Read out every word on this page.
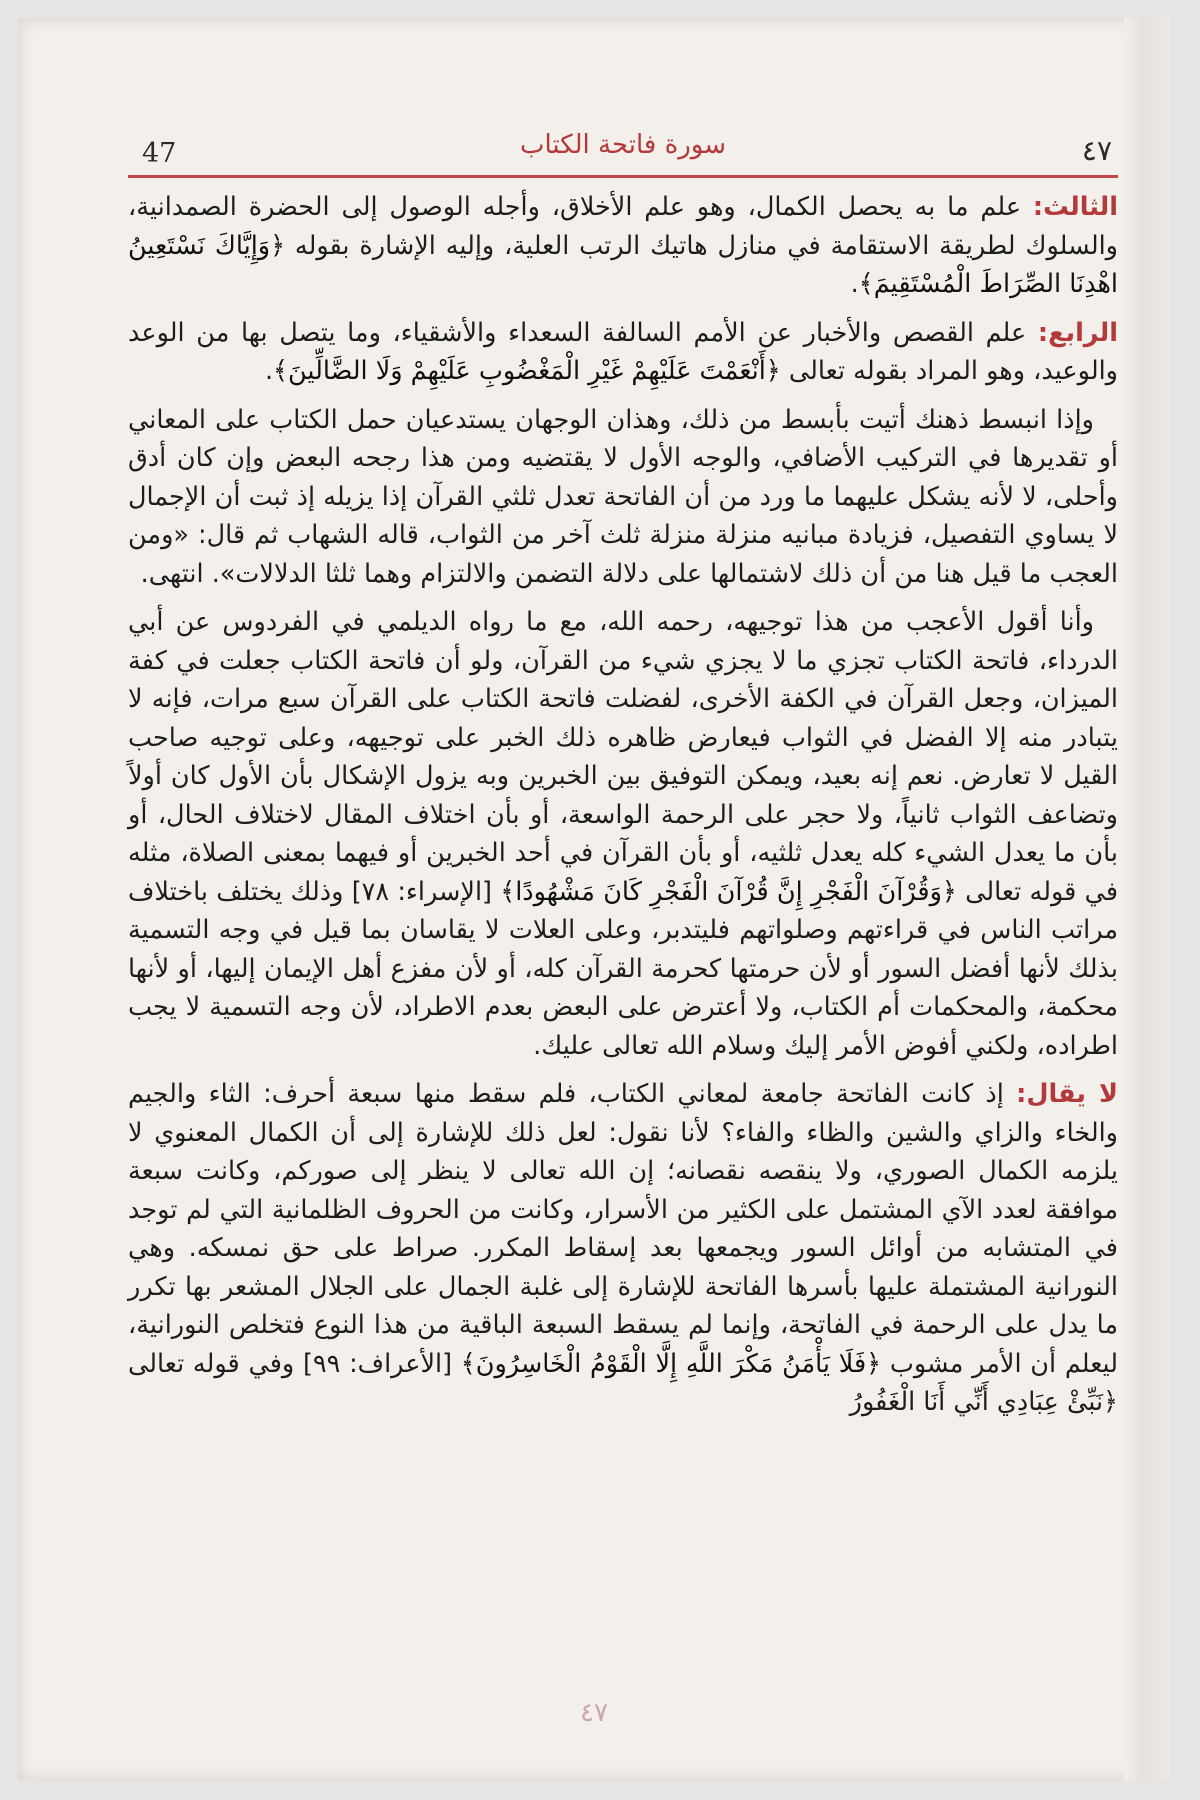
47	سورة فاتحة الكتاب	٤٧

الثالث: علم ما به يحصل الكمال، وهو علم الأخلاق، وأجله الوصول إلى الحضرة الصمدانية، والسلوك لطريقة الاستقامة في منازل هاتيك الرتب العلية، وإليه الإشارة بقوله ﴿وَإِيَّاكَ نَسْتَعِينُ اهْدِنَا الصِّرَاطَ الْمُسْتَقِيمَ﴾.

الرابع: علم القصص والأخبار عن الأمم السالفة السعداء والأشقياء، وما يتصل بها من الوعد والوعيد، وهو المراد بقوله تعالى ﴿أَنْعَمْتَ عَلَيْهِمْ غَيْرِ الْمَغْضُوبِ عَلَيْهِمْ وَلَا الضَّالِّينَ﴾.

وإذا انبسط ذهنك أتيت بأبسط من ذلك، وهذان الوجهان يستدعيان حمل الكتاب على المعاني أو تقديرها في التركيب الأضافي، والوجه الأول لا يقتضيه ومن هذا رجحه البعض وإن كان أدق وأحلى، لا لأنه يشكل عليهما ما ورد من أن الفاتحة تعدل ثلثي القرآن إذا يزيله إذ ثبت أن الإجمال لا يساوي التفصيل، فزيادة مبانيه منزلة منزلة ثلث آخر من الثواب، قاله الشهاب ثم قال: «ومن العجب ما قيل هنا من أن ذلك لاشتمالها على دلالة التضمن والالتزام وهما ثلثا الدلالات». انتهى.

وأنا أقول الأعجب من هذا توجيهه، رحمه الله، مع ما رواه الديلمي في الفردوس عن أبي الدرداء، فاتحة الكتاب تجزي ما لا يجزي شيء من القرآن، ولو أن فاتحة الكتاب جعلت في كفة الميزان، وجعل القرآن في الكفة الأخرى، لفضلت فاتحة الكتاب على القرآن سبع مرات، فإنه لا يتبادر منه إلا الفضل في الثواب فيعارض ظاهره ذلك الخبر على توجيهه، وعلى توجيه صاحب القيل لا تعارض. نعم إنه بعيد، ويمكن التوفيق بين الخبرين وبه يزول الإشكال بأن الأول كان أولاً وتضاعف الثواب ثانياً، ولا حجر على الرحمة الواسعة، أو بأن اختلاف المقال لاختلاف الحال، أو بأن ما يعدل الشيء كله يعدل ثلثيه، أو بأن القرآن في أحد الخبرين أو فيهما بمعنى الصلاة، مثله في قوله تعالى ﴿وَقُرْآنَ الْفَجْرِ إِنَّ قُرْآنَ الْفَجْرِ كَانَ مَشْهُودًا﴾ [الإسراء: ٧٨] وذلك يختلف باختلاف مراتب الناس في قراءتهم وصلواتهم فليتدبر، وعلى العلات لا يقاسان بما قيل في وجه التسمية بذلك لأنها أفضل السور أو لأن حرمتها كحرمة القرآن كله، أو لأن مفزع أهل الإيمان إليها، أو لأنها محكمة، والمحكمات أم الكتاب، ولا أعترض على البعض بعدم الاطراد، لأن وجه التسمية لا يجب اطراده، ولكني أفوض الأمر إليك وسلام الله تعالى عليك.

لا يقال: إذ كانت الفاتحة جامعة لمعاني الكتاب، فلم سقط منها سبعة أحرف: الثاء والجيم والخاء والزاي والشين والظاء والفاء؟ لأنا نقول: لعل ذلك للإشارة إلى أن الكمال المعنوي لا يلزمه الكمال الصوري، ولا ينقصه نقصانه؛ إن الله تعالى لا ينظر إلى صوركم، وكانت سبعة موافقة لعدد الآي المشتمل على الكثير من الأسرار، وكانت من الحروف الظلمانية التي لم توجد في المتشابه من أوائل السور ويجمعها بعد إسقاط المكرر. صراط على حق نمسكه. وهي النورانية المشتملة عليها بأسرها الفاتحة للإشارة إلى غلبة الجمال على الجلال المشعر بها تكرر ما يدل على الرحمة في الفاتحة، وإنما لم يسقط السبعة الباقية من هذا النوع فتخلص النورانية، ليعلم أن الأمر مشوب ﴿فَلَا يَأْمَنُ مَكْرَ اللَّهِ إِلَّا الْقَوْمُ الْخَاسِرُونَ﴾ [الأعراف: ٩٩] وفي قوله تعالى ﴿نَبِّئْ عِبَادِي أَنِّي أَنَا الْغَفُورُ

٤٧
